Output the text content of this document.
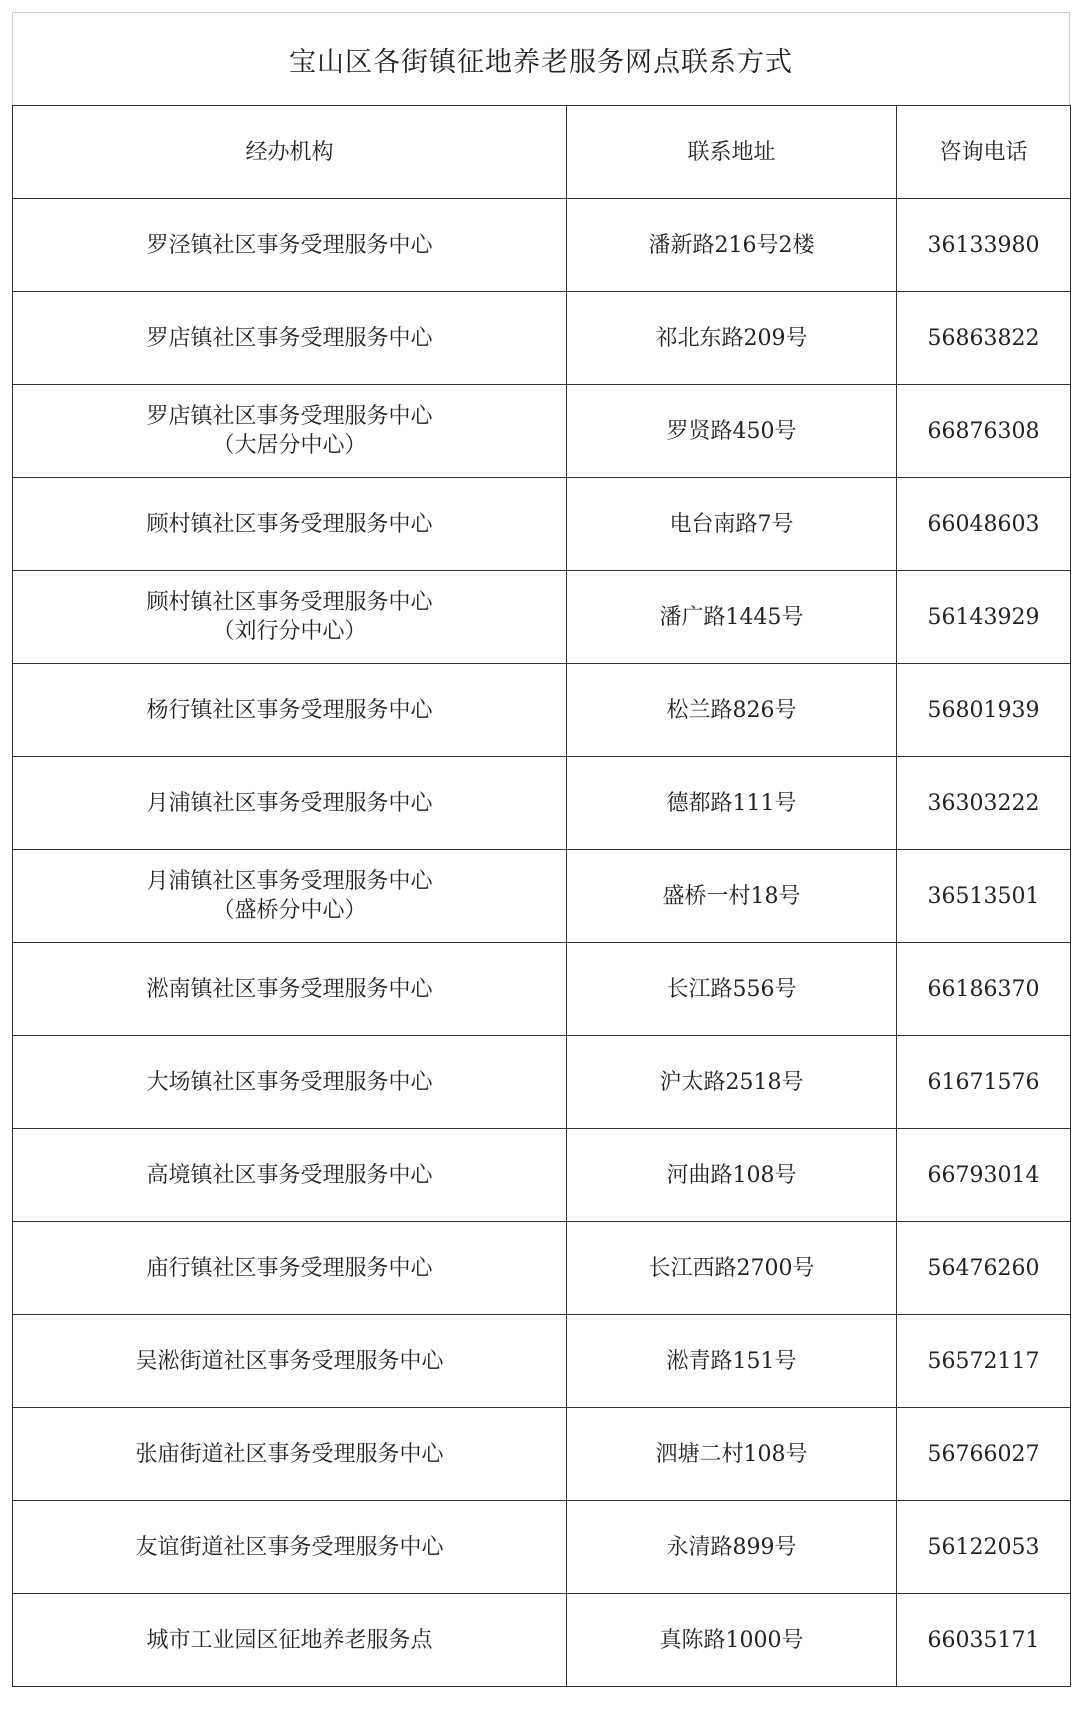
宝山区各街镇征地养老服务网点联系方式
经办机构	联系地址	咨询电话

罗泾镇社区事务受理服务中心	潘新路216号2楼	36133980

罗店镇社区事务受理服务中心	祁北东路209号	56863822

罗店镇社区事务受理服务中心
（大居分中心）	罗贤路450号	66876308

顾村镇社区事务受理服务中心	电台南路7号	66048603

顾村镇社区事务受理服务中心
（刘行分中心）	潘广路1445号	56143929

杨行镇社区事务受理服务中心	松兰路826号	56801939

月浦镇社区事务受理服务中心	德都路111号	36303222

月浦镇社区事务受理服务中心
（盛桥分中心）	盛桥一村18号	36513501

淞南镇社区事务受理服务中心	长江路556号	66186370

大场镇社区事务受理服务中心	沪太路2518号	61671576

高境镇社区事务受理服务中心	河曲路108号	66793014

庙行镇社区事务受理服务中心	长江西路2700号	56476260

吴淞街道社区事务受理服务中心	淞青路151号	56572117

张庙街道社区事务受理服务中心	泗塘二村108号	56766027

友谊街道社区事务受理服务中心	永清路899号	56122053

城市工业园区征地养老服务点	真陈路1000号	66035171
